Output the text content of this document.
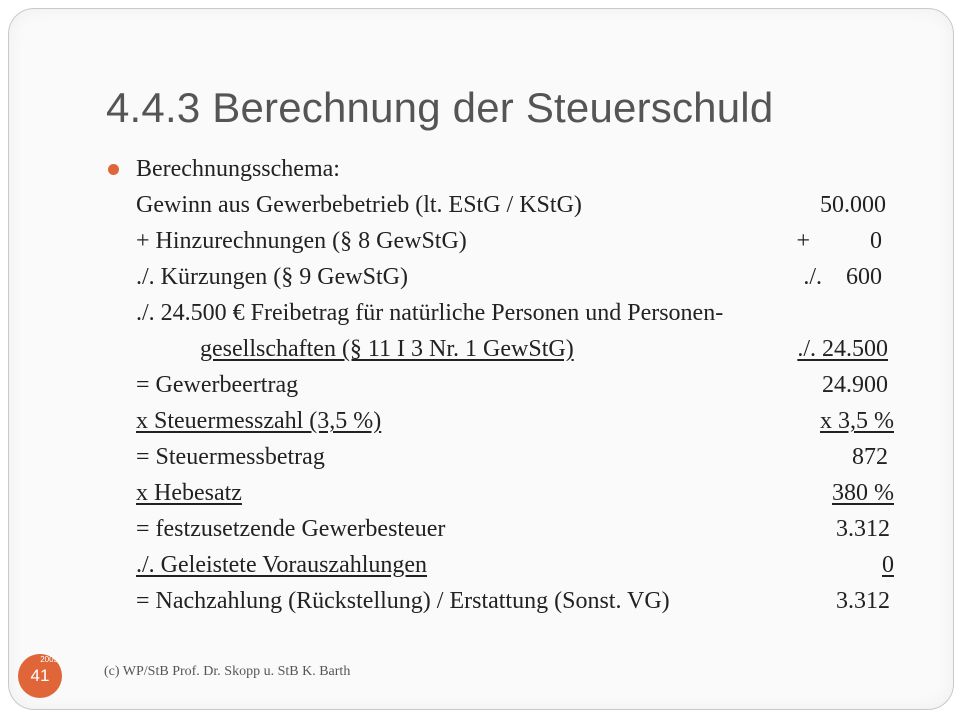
4.4.3 Berechnung der Steuerschuld
Berechnungsschema:
Gewinn aus Gewerbebetrieb (lt. EStG / KStG)	50.000
+ Hinzurechnungen (§ 8 GewStG)	+          0
./. Kürzungen (§ 9 GewStG)	./.    600
./. 24.500 € Freibetrag für natürliche Personen und Personen-
gesellschaften (§ 11 I 3 Nr. 1 GewStG)	./. 24.500
= Gewerbeertrag	24.900
x Steuermesszahl (3,5 %)	x 3,5 %
= Steuermessbetrag	872
x Hebesatz	380 %
= festzusetzende Gewerbesteuer	3.312
./. Geleistete Vorauszahlungen	0
= Nachzahlung (Rückstellung) / Erstattung (Sonst. VG)	3.312
41
2009
(c) WP/StB Prof. Dr. Skopp u. StB K. Barth
